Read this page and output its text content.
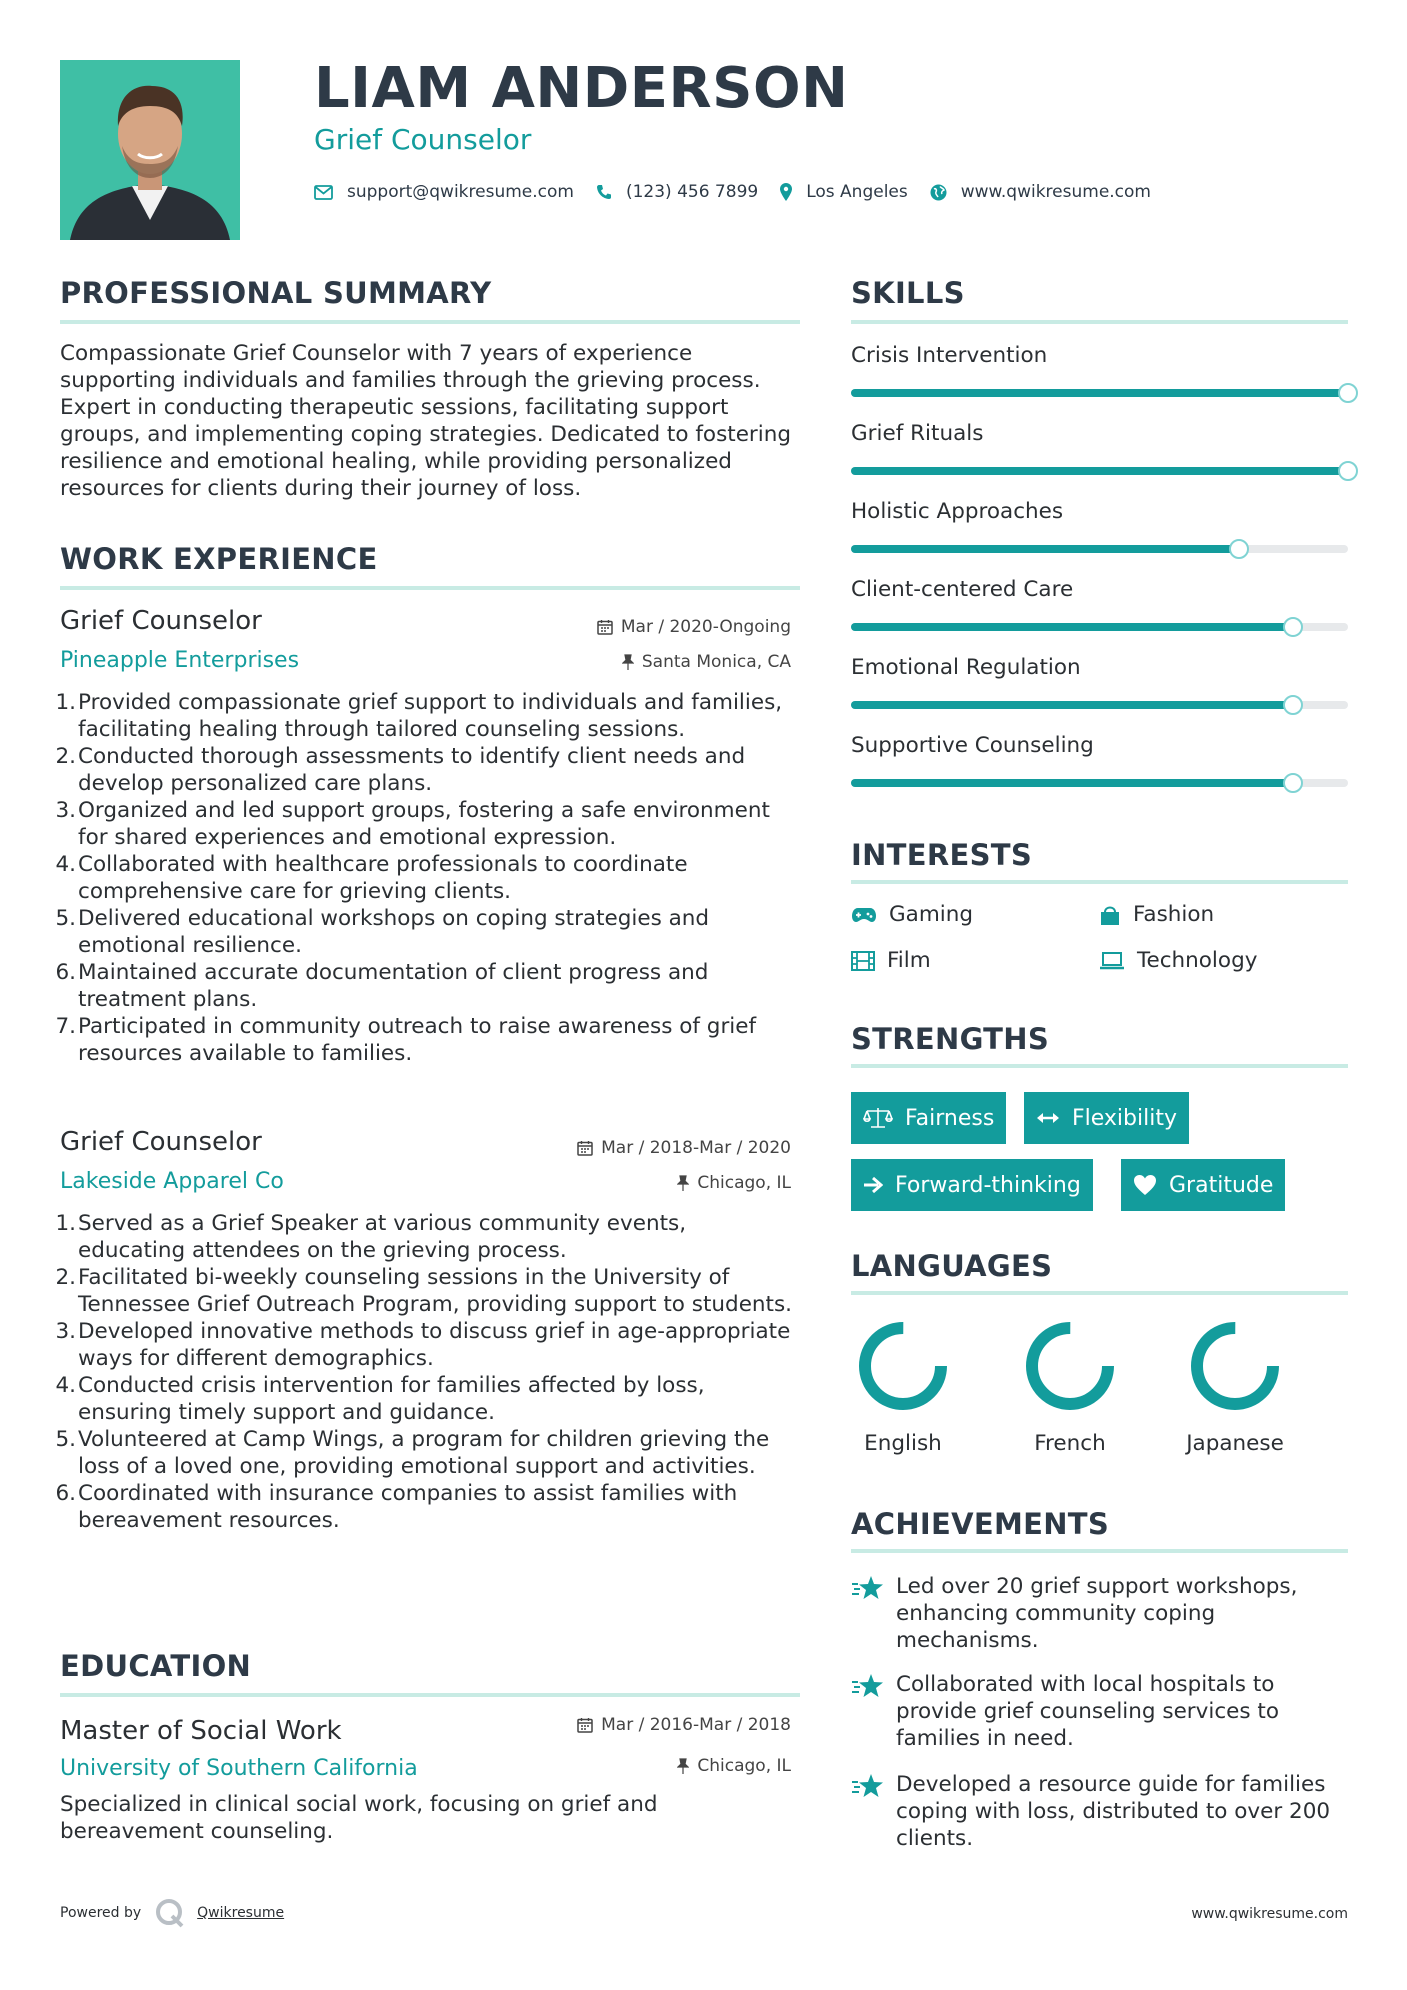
LIAM ANDERSON
Grief Counselor
support@qwikresume.com	(123) 456 7899	Los Angeles	www.qwikresume.com
PROFESSIONAL SUMMARY
Compassionate Grief Counselor with 7 years of experience supporting individuals and families through the grieving process. Expert in conducting therapeutic sessions, facilitating support groups, and implementing coping strategies. Dedicated to fostering resilience and emotional healing, while providing personalized resources for clients during their journey of loss.
WORK EXPERIENCE
Grief Counselor	Mar / 2020-Ongoing
Pineapple Enterprises	Santa Monica, CA
1. Provided compassionate grief support to individuals and families, facilitating healing through tailored counseling sessions.
2. Conducted thorough assessments to identify client needs and develop personalized care plans.
3. Organized and led support groups, fostering a safe environment for shared experiences and emotional expression.
4. Collaborated with healthcare professionals to coordinate comprehensive care for grieving clients.
5. Delivered educational workshops on coping strategies and emotional resilience.
6. Maintained accurate documentation of client progress and treatment plans.
7. Participated in community outreach to raise awareness of grief resources available to families.
Grief Counselor	Mar / 2018-Mar / 2020
Lakeside Apparel Co	Chicago, IL
1. Served as a Grief Speaker at various community events, educating attendees on the grieving process.
2. Facilitated bi-weekly counseling sessions in the University of Tennessee Grief Outreach Program, providing support to students.
3. Developed innovative methods to discuss grief in age-appropriate ways for different demographics.
4. Conducted crisis intervention for families affected by loss, ensuring timely support and guidance.
5. Volunteered at Camp Wings, a program for children grieving the loss of a loved one, providing emotional support and activities.
6. Coordinated with insurance companies to assist families with bereavement resources.
EDUCATION
Master of Social Work	Mar / 2016-Mar / 2018
University of Southern California	Chicago, IL
Specialized in clinical social work, focusing on grief and bereavement counseling.
SKILLS
Crisis Intervention
Grief Rituals
Holistic Approaches
Client-centered Care
Emotional Regulation
Supportive Counseling
INTERESTS
Gaming	Fashion
Film	Technology
STRENGTHS
Fairness	Flexibility
Forward-thinking	Gratitude
LANGUAGES
English	French	Japanese
ACHIEVEMENTS
Led over 20 grief support workshops, enhancing community coping mechanisms.
Collaborated with local hospitals to provide grief counseling services to families in need.
Developed a resource guide for families coping with loss, distributed to over 200 clients.
Powered by	Qwikresume	www.qwikresume.com
